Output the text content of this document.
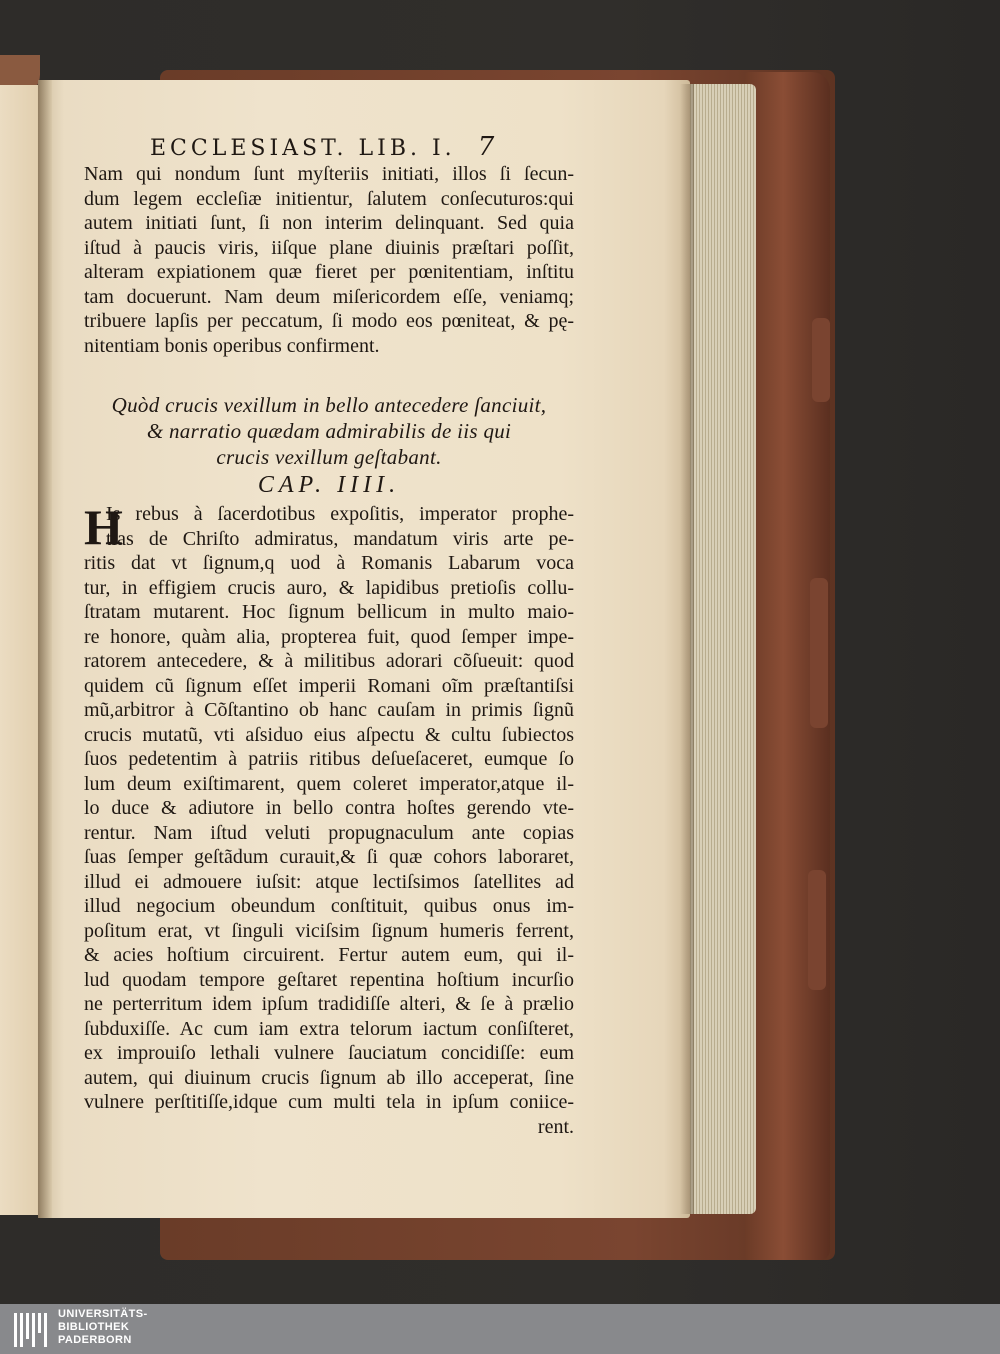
ECCLESIAST. LIB. I. 7
Nam qui nondum ſunt myſteriis initiati, illos ſi ſecun-
dum legem eccleſiæ initientur, ſalutem conſecuturos:qui
autem initiati ſunt, ſi non interim delinquant. Sed quia
iſtud à paucis viris, iiſque plane diuinis præſtari poſſit,
alteram expiationem quæ fieret per pœnitentiam, inſtitu
tam docuerunt. Nam deum miſericordem eſſe, veniamq;
tribuere lapſis per peccatum, ſi modo eos pœniteat, & pę-
nitentiam bonis operibus confirment.
Quòd crucis vexillum in bello antecedere ſanciuit,
& narratio quædam admirabilis de iis qui
crucis vexillum geſtabant.
CAP. IIII.
H
Is rebus à ſacerdotibus expoſitis, imperator prophe-
tias de Chriſto admiratus, mandatum viris arte pe-
ritis dat vt ſignum,q uod à Romanis Labarum voca
tur, in effigiem crucis auro, & lapidibus pretioſis collu-
ſtratam mutarent. Hoc ſignum bellicum in multo maio-
re honore, quàm alia, propterea fuit, quod ſemper impe-
ratorem antecedere, & à militibus adorari cõſueuit: quod
quidem cũ ſignum eſſet imperii Romani oĩm præſtantiſsi
mũ,arbitror à Cõſtantino ob hanc cauſam in primis ſignũ
crucis mutatũ, vti aſsiduo eius aſpectu & cultu ſubiectos
ſuos pedetentim à patriis ritibus deſueſaceret, eumque ſo
lum deum exiſtimarent, quem coleret imperator,atque il-
lo duce & adiutore in bello contra hoſtes gerendo vte-
rentur. Nam iſtud veluti propugnaculum ante copias
ſuas ſemper geſtãdum curauit,& ſi quæ cohors laboraret,
illud ei admouere iuſsit: atque lectiſsimos ſatellites ad
illud negocium obeundum conſtituit, quibus onus im-
poſitum erat, vt ſinguli viciſsim ſignum humeris ferrent,
& acies hoſtium circuirent. Fertur autem eum, qui il-
lud quodam tempore geſtaret repentina hoſtium incurſio
ne perterritum idem ipſum tradidiſſe alteri, & ſe à prælio
ſubduxiſſe. Ac cum iam extra telorum iactum conſiſteret,
ex improuiſo lethali vulnere ſauciatum concidiſſe: eum
autem, qui diuinum crucis ſignum ab illo acceperat, ſine
vulnere perſtitiſſe,idque cum multi tela in ipſum coniice-
rent.
UNIVERSITÄTS-
BIBLIOTHEK
PADERBORN
